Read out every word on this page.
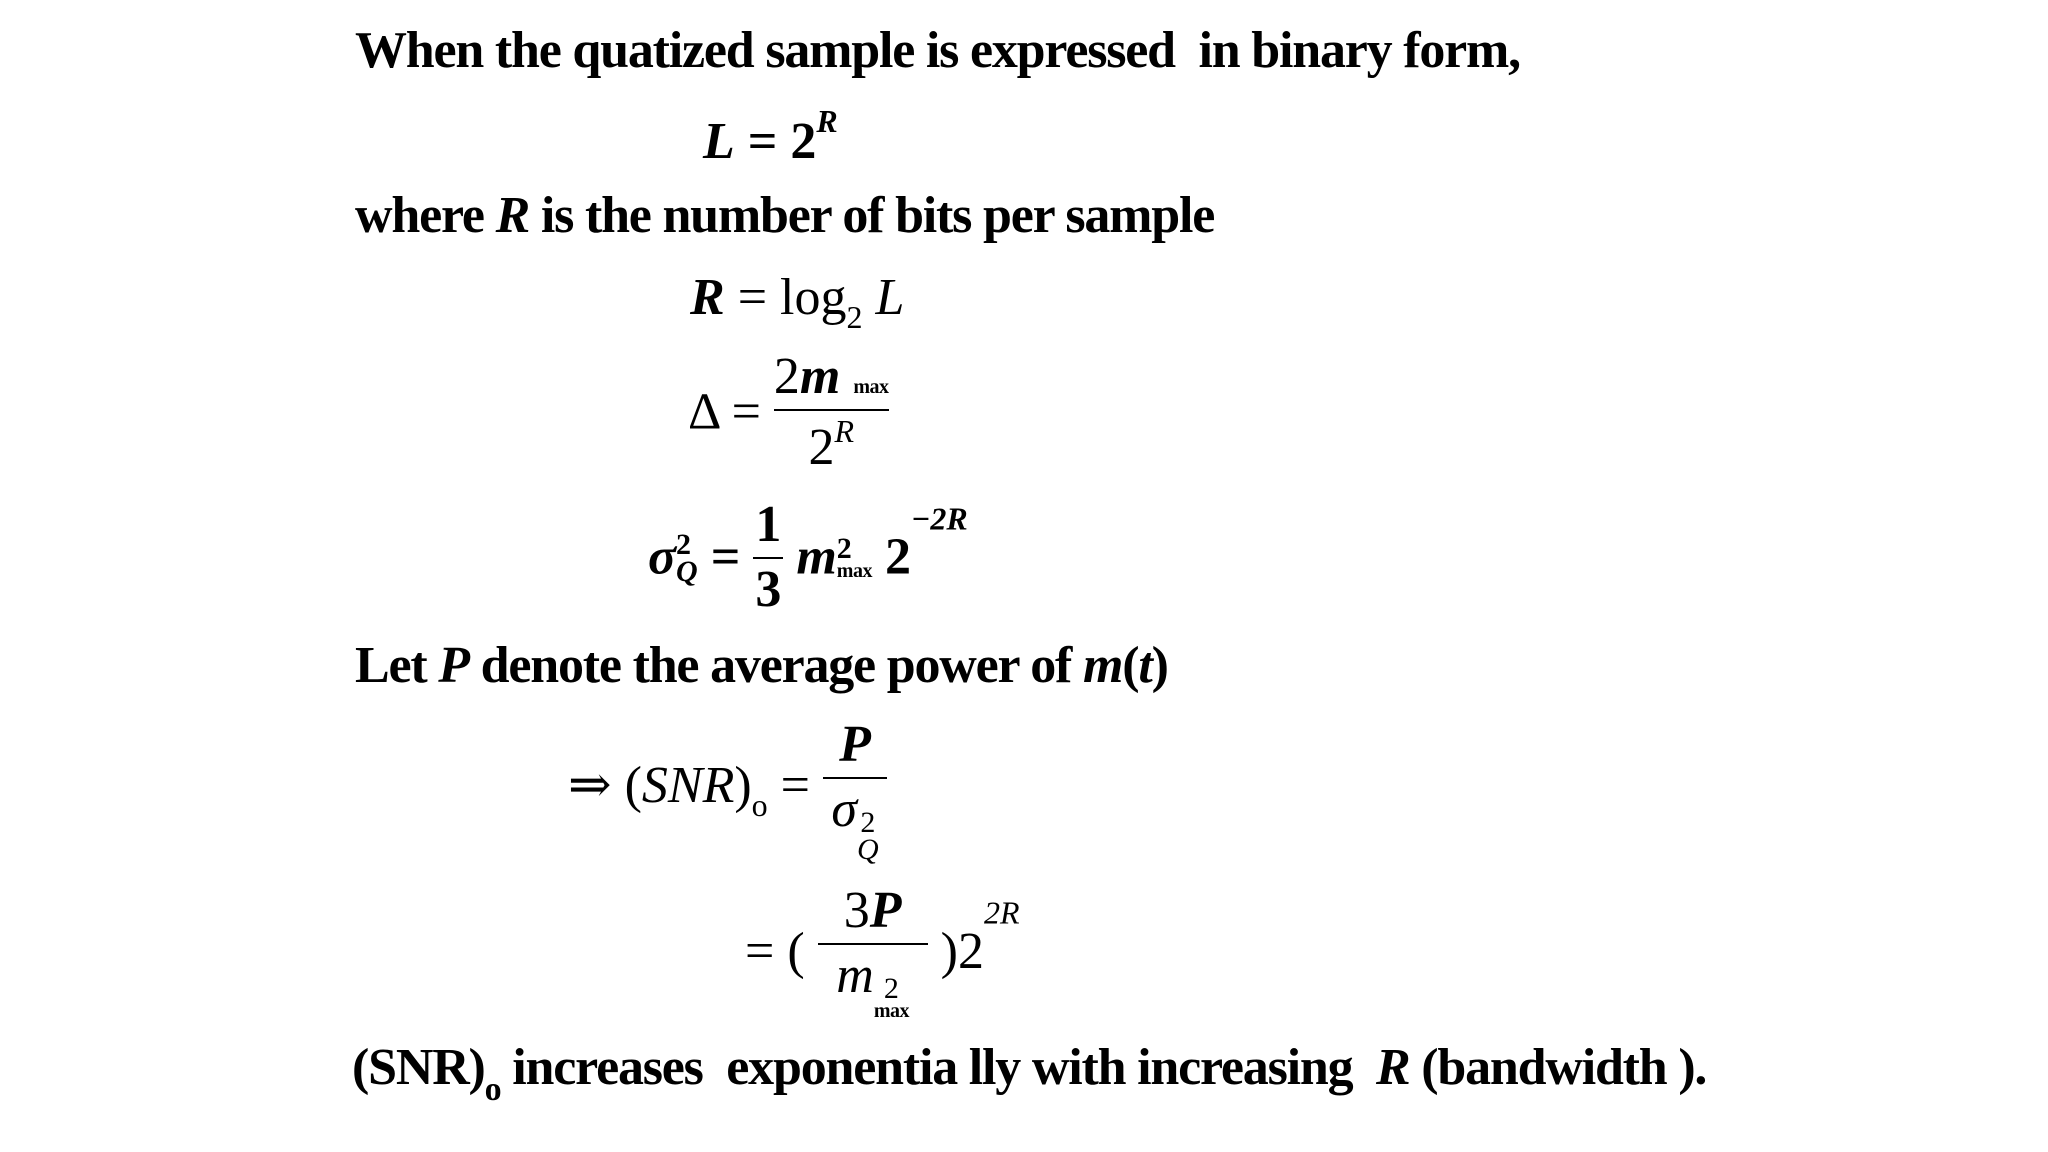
When the quatized sample is expressed  in binary form,
$L = 2^R$
where R is the number of bits per sample
$R = \log_2 L$
$\Delta = \frac{\text{2m max}}{2^R}$
σ 2
$Q = \frac{1}{3}$ m 2
$\max 2^{-2R}$
Let P denote the average power of m(t)
⇒ $(SNR)_o = P$
σ 2
Q
= ( 3P
m 2
$\max )2^{2R}$
$(SNR)_o$ increases  exponentia lly with increasing  R (bandwidth ).
